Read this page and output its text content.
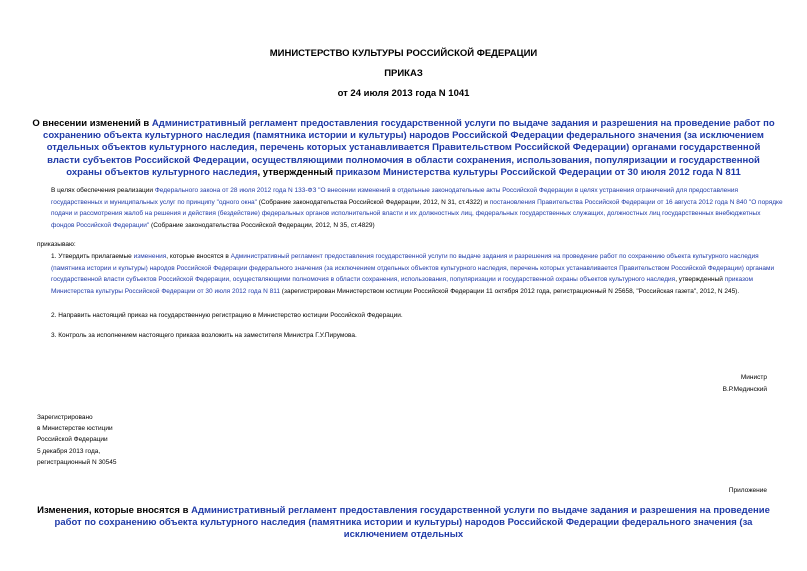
МИНИСТЕРСТВО КУЛЬТУРЫ РОССИЙСКОЙ ФЕДЕРАЦИИ
ПРИКАЗ
от 24 июля 2013 года N 1041
О внесении изменений в Административный регламент предоставления государственной услуги по выдаче задания и разрешения на проведение работ по сохранению объекта культурного наследия (памятника истории и культуры) народов Российской Федерации федерального значения (за исключением отдельных объектов культурного наследия, перечень которых устанавливается Правительством Российской Федерации) органами государственной власти субъектов Российской Федерации, осуществляющими полномочия в области сохранения, использования, популяризации и государственной охраны объектов культурного наследия, утвержденный приказом Министерства культуры Российской Федерации от 30 июля 2012 года N 811
В целях обеспечения реализации Федерального закона от 28 июля 2012 года N 133-ФЗ "О внесении изменений в отдельные законодательные акты Российской Федерации в целях устранения ограничений для предоставления государственных и муниципальных услуг по принципу "одного окна" (Собрание законодательства Российской Федерации, 2012, N 31, ст.4322) и постановления Правительства Российской Федерации от 16 августа 2012 года N 840 "О порядке подачи и рассмотрения жалоб на решения и действия (бездействие) федеральных органов исполнительной власти и их должностных лиц, федеральных государственных служащих, должностных лиц государственных внебюджетных фондов Российской Федерации" (Собрание законодательства Российской Федерации, 2012, N 35, ст.4829)
приказываю:
1. Утвердить прилагаемые изменения, которые вносятся в Административный регламент предоставления государственной услуги по выдаче задания и разрешения на проведение работ по сохранению объекта культурного наследия (памятника истории и культуры) народов Российской Федерации федерального значения (за исключением отдельных объектов культурного наследия, перечень которых устанавливается Правительством Российской Федерации) органами государственной власти субъектов Российской Федерации, осуществляющими полномочия в области сохранения, использования, популяризации и государственной охраны объектов культурного наследия, утвержденный приказом Министерства культуры Российской Федерации от 30 июля 2012 года N 811 (зарегистрирован Министерством юстиции Российской Федерации 11 октября 2012 года, регистрационный N 25658, "Российская газета", 2012, N 245).
2. Направить настоящий приказ на государственную регистрацию в Министерство юстиции Российской Федерации.
3. Контроль за исполнением настоящего приказа возложить на заместителя Министра Г.У.Пирумова.
Министр
В.Р.Мединский
Зарегистрировано
в Министерстве юстиции
Российской Федерации
5 декабря 2013 года,
регистрационный N 30545
Приложение
Изменения, которые вносятся в Административный регламент предоставления государственной услуги по выдаче задания и разрешения на проведение работ по сохранению объекта культурного наследия (памятника истории и культуры) народов Российской Федерации федерального значения (за исключением отдельных
